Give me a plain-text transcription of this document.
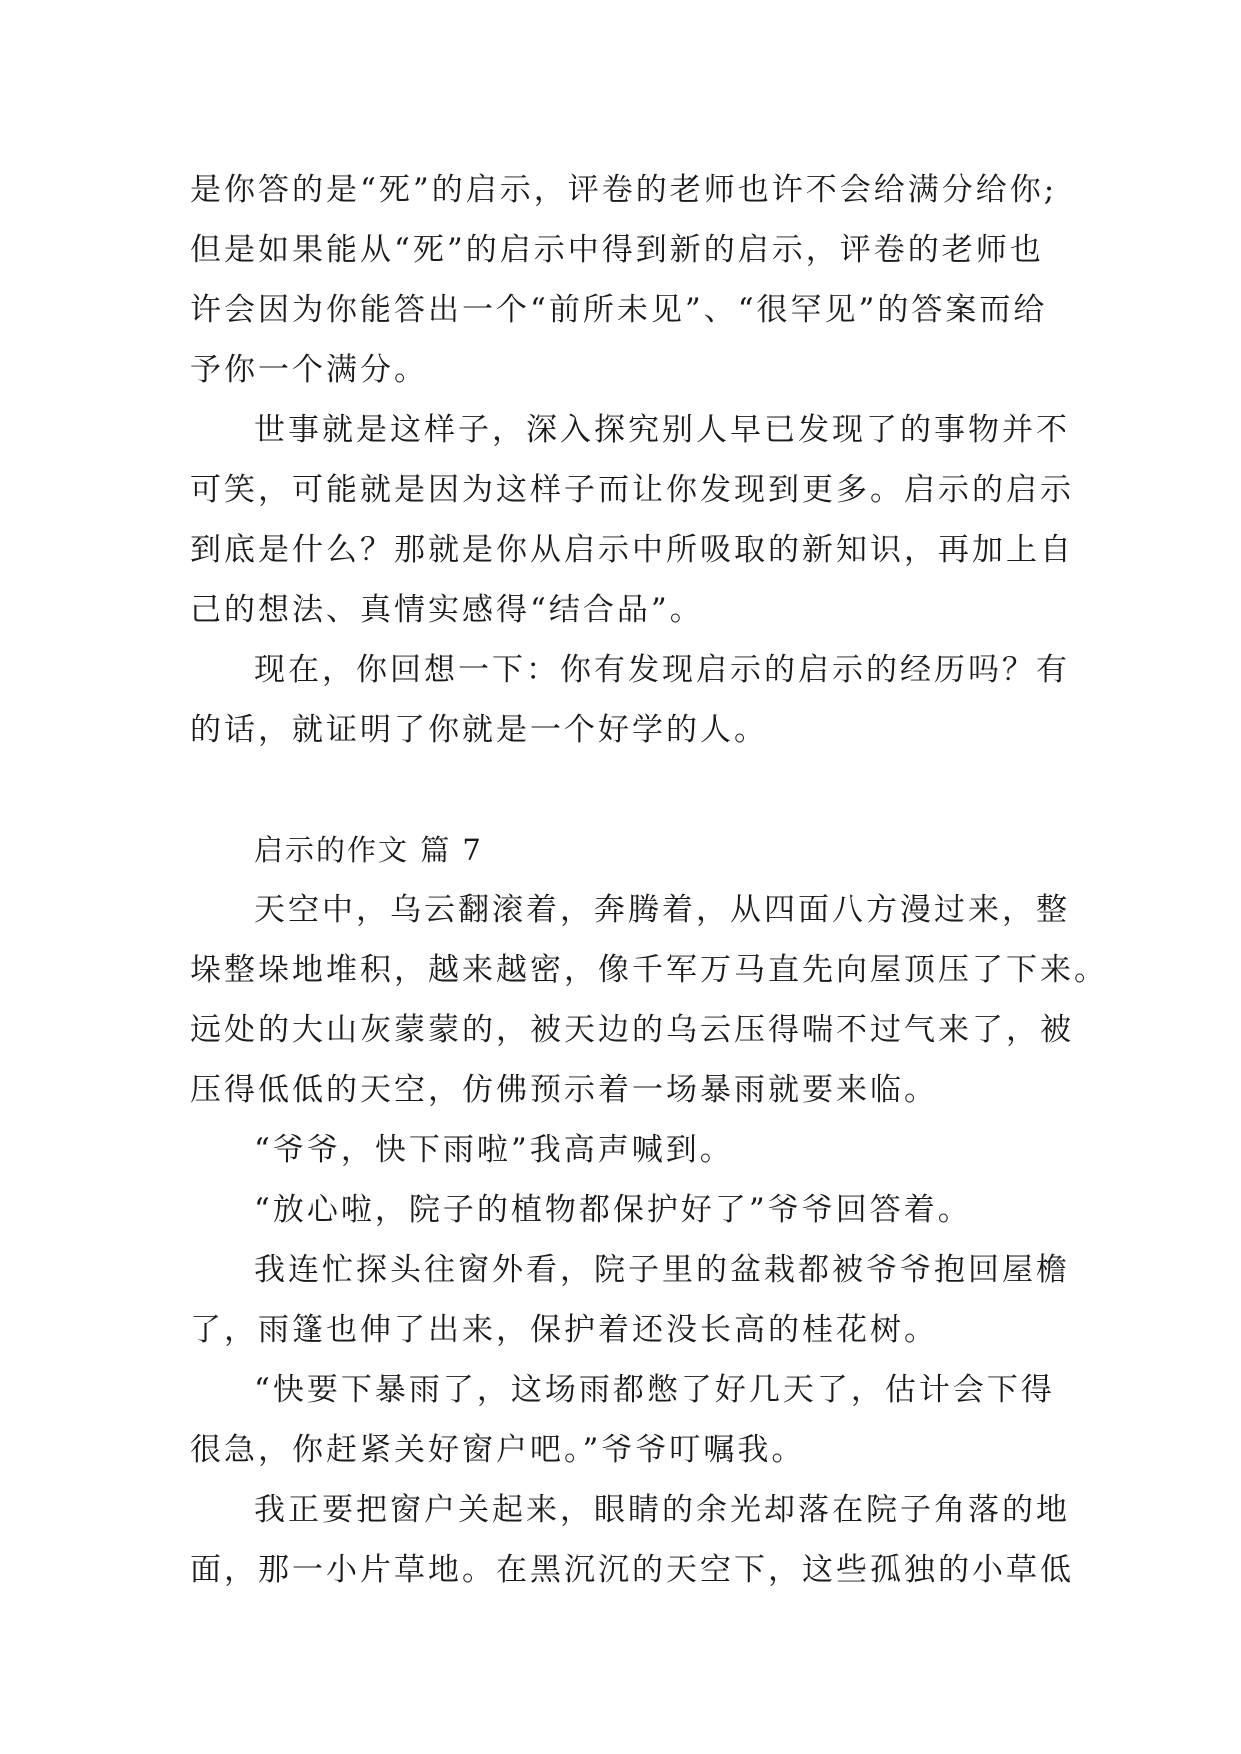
是你答的是“死”的启示，评卷的老师也许不会给满分给你;
但是如果能从“死”的启示中得到新的启示，评卷的老师也
许会因为你能答出一个“前所未见”、“很罕见”的答案而给
予你一个满分。
世事就是这样子，深入探究别人早已发现了的事物并不
可笑，可能就是因为这样子而让你发现到更多。启示的启示
到底是什么？那就是你从启示中所吸取的新知识，再加上自
己的想法、真情实感得“结合品”。
现在，你回想一下：你有发现启示的启示的经历吗？有
的话，就证明了你就是一个好学的人。
启示的作文 篇 7
天空中，乌云翻滚着，奔腾着，从四面八方漫过来，整
垛整垛地堆积，越来越密，像千军万马直先向屋顶压了下来。
远处的大山灰蒙蒙的，被天边的乌云压得喘不过气来了，被
压得低低的天空，仿佛预示着一场暴雨就要来临。
“爷爷，快下雨啦”我高声喊到。
“放心啦，院子的植物都保护好了”爷爷回答着。
我连忙探头往窗外看，院子里的盆栽都被爷爷抱回屋檐
了，雨篷也伸了出来，保护着还没长高的桂花树。
“快要下暴雨了，这场雨都憋了好几天了，估计会下得
很急，你赶紧关好窗户吧。”爷爷叮嘱我。
我正要把窗户关起来，眼睛的余光却落在院子角落的地
面，那一小片草地。在黑沉沉的天空下，这些孤独的小草低
